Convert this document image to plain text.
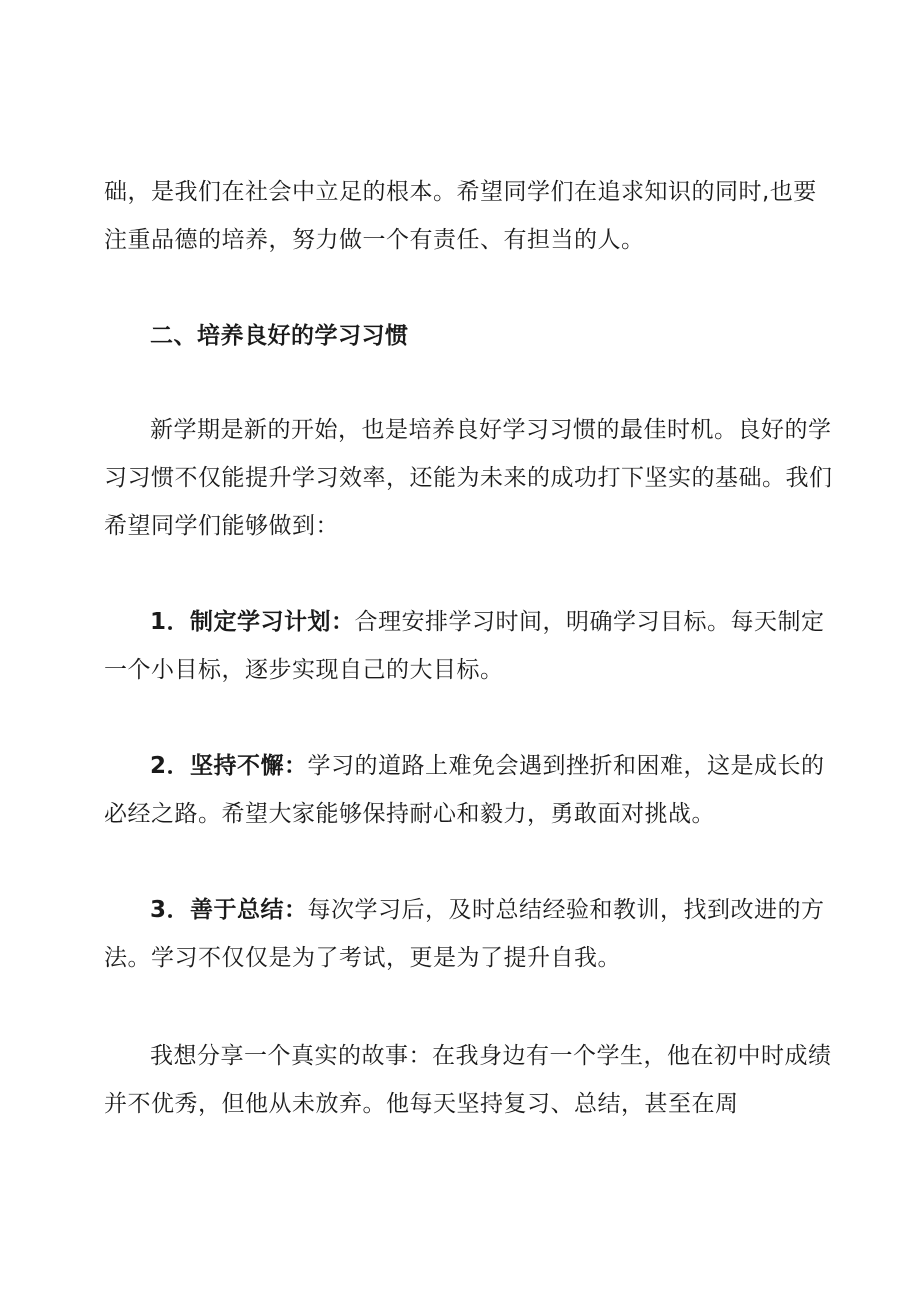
础，是我们在社会中立足的根本。希望同学们在追求知识的同时,也要
注重品德的培养，努力做一个有责任、有担当的人。

二、培养良好的学习习惯

新学期是新的开始，也是培养良好学习习惯的最佳时机。良好的学
习习惯不仅能提升学习效率，还能为未来的成功打下坚实的基础。我们
希望同学们能够做到：

1．制定学习计划：合理安排学习时间，明确学习目标。每天制定
一个小目标，逐步实现自己的大目标。

2．坚持不懈：学习的道路上难免会遇到挫折和困难，这是成长的
必经之路。希望大家能够保持耐心和毅力，勇敢面对挑战。

3．善于总结：每次学习后，及时总结经验和教训，找到改进的方
法。学习不仅仅是为了考试，更是为了提升自我。

我想分享一个真实的故事：在我身边有一个学生，他在初中时成绩
并不优秀，但他从未放弃。他每天坚持复习、总结，甚至在周
